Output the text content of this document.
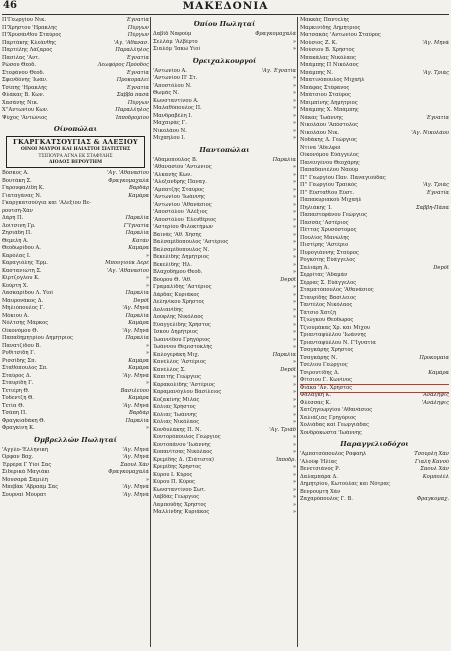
46	ΜΑΚΕΔΟΝΙΑ
Π'Γεωργίου Νικ.	Έγνατία
Π'Χρήστου 'Ηρακλής	Πύργων
Π'Χρυσάνθου Σταύρος	Πύργων
Παρτάκης Κλεάνθης	'Αγ. 'Αθανασ.
Παρτέλης Λάζαρος	Παραλληλος
Πασίλας 'Αντ.	Έγνατία
Ρώσου Θεοδ.	Λεωφόρος Πρόοδος
Στεφάνου Θεοδ.	Έγνατία
Σφενδόνης Ίωάν.	Προκομαλεί
Τσίπης 'Ηρακλής	Έγνατία
Φλάκας Β. Κων.	Σαββά πασά
Χασάνης Νικ.	Πύργων
Χ''Αντωνίου Κων.	Παραλληλος
Ψύχος 'Αντώνιος	Ίπποδρομίου
Οίνοπώλαι
ΓΚΑΡΓΚΑΤΣΟΥΓΙΑΣ & ΑΛΕΞΙΟΥ
ΟΙΝΟΙ ΜΑΥΡΟΙ ΚΑΙ ΗΛΙΑΣΤΟΙ ΣΙΑΤΙΣΤΗΣ
ΤΣΙΠΟΥΡΑ ΑΓΝΑ ΕΚ ΣΤΑΦΥΛΗΣ
ΔΙΟΔΟΣ ΒΕΡΟΥΤΗΜ
Βόσκος Α.	'Αγ. 'Αθανασίου
Βουτάκη Σ.	Φραγκομαχαλά
Γαρουφαλίδη Κ.	Βαρδάρ
Γιαταγάνας Ν.	Καμάρα
Γκαργκατσούγια και 'Αλεξίου Βε-
ρουτσή-Χάν
Δάρη Π.	Παραλία
Δοΐτσινη Γρ.	Γ'Ιγνατία
Ζησιάδη Π.	Παραλία
Θεμελή Α.	Κατάν
Θεοδωρίδου Α.	Καμάρα
Καρόλας Ι.	»
Καραγιόλης Έρμ.	Μπουγιούκ Δερέ
Καστανιώτη Σ.	'Αγ. 'Αθανασίου
Κίρτζογλου Κ.	»
Κούρτη Χ.	»
Λασκαρίδου Λ. Υίοί	Παραλία
Μαυρονάκος Δ.	Depôt
Μηλιόπουλος Γ.	'Αγ. Μηνά
Μόκιου Α.	Παραλία
Νόλτσης Μάρκος	Καμάρα
Οίκονόμου Θ.	'Αγ. Μηνά
Παπαδημητρίου Δημήτριος	Παραλία
Πανατζίδου Β.	»
Ρυθιτσίδη Γ.	»
Ρισσίδης Σπ.	Καμάρα
Σταθόπουλος Σπ.	Καμάρα
Σταύρος Δ.	'Αγ. Μηνά
Σταυρίδη Γ.	»
Τετιέρη Θ.	Βασιλεύου
Τοδεντζή Θ.	Καμάρα
Τετία Θ.	'Αγ. Μηνά
Τσάπη Π.	Βαρδάρ
Φραγκιαδάκη Θ.	Παραλία
Φραγκίνη Κ.	»
Όμβρελλών Πωληταί
'Αγγλο-'Ελληνική	'Αγ. Μηνά
Όρφαν Βαχ.	'Αγ. Μηνά
Έρρέρα Γ Υίοί Σας	Σαουλ Χάν
Σιδερικά Μαγιάκι	Φραγκομαχαλά
Μουσαρά Σαμιλή	»
Μπεβάκ 'Αβραάμ Σας	'Αγ. Μηνά
Σουρναί Μουρατ	'Αγ. Μηνά
Όπίου Πωληταί
Δαβίδ Ναφούμ	Φραγκομαχαλά
Σελλάμ 'Αλβέρτο	»
Σιαλόμ 'Ιακώ Υίοί	»
Όρειχαλκουργοί
'Αντωνίου Α.	'Αγ. Έγνατία
'Αντωνίου Π' Στ.	»
'Αποστόλου Ν.	»
Θωμάς Ν.	»
Κωνσταντίνου Α.	»
Μαλαθόπουλος Π.	»
Μανδραβέλη Ι.	»
Μαχαιράς Γ.	»
Νικολάου Ν.	»
Μιχαηλου Ι.	»
Παντοπώλαι
'Αδαμοπούλος Β.	Παραλία
'Αθανασίου 'Αντώνιος	»
'Αλκανής Κων.	»
'Αλεξανδρής Παναγ.	»
'Αμπατζής Σταύρος	»
'Αντωνίου 'Ιωάννης	»
'Αντωνίου 'Αθανάσιος	»
'Αποστόλου 'Αλέξιος	»
'Αποστόλου Έλευθέριος	»
'Αστερίου Φιλοκτήμων	»
Βαϊνάς 'Αθ. Χήσης	»
Βαλσαμίδοπουλος 'Αστέριος	»
Βαλσαμίδοπουλος Ν.	»
Βεκελίδης Δημήτριος	»
Βεκελίδης Ήλ.	»
Βλαχοδήμου Θεοδ.	»
Βούρου Θ. 'Αθ.	Depôt
Γραμαλίδης 'Αστέριος	»
Δάρδας Κυριάκος	»
Δεληνίκου Χρήστος	»
Δολιανίδης	»
Δούφλης Νικόλαος	»
Εύαγγελίδης Χρήστος	»
Ίσκου Δημήτριος	»
Ίωαννίδου Γρηγόριος	»
Ίωάννου Θεμιστοκλής	»
Καλογεράκη Μιχ.	Παραλία
Κανέλλος 'Αστέριος	»
Κανέλλος Σ.	Depôt
Καπιτής Γεώργιος	»
Καρακολίδης 'Αστέριος	»
Καραμανόγλου Βασίλειος	»
Κοζακίνης Μίλας	»
Κόλιας Χρήστος	»
Κόλιας 'Ιωάννης	»
Κόλιας Νικόλαος	»
Κονδυλάκης Π. Ν.	'Αγ. Τριάδ
Κοντορόπουλος Γεώργιος	»
Κοντοπάνου 'Ιωάννης	»
Κοπανίτσας Νικόλαος	»
Κρεμίδης Δ. (Σιάτιστα)	Ίπποδρ.
Κρεμίδης Χρήστος	»
Κύρου Ι. Κύρος	»
Κύρου Π. Κύρος	»
Κωνσταντίνου Σωτ.	»
Λαβδάς Γεώργιος	»
Λαμπούδης Χρήστος	»
Μαλλίνδης Κυριάκος	»
Μακκάς Παντελής
Μαρκινίδης Δημήτριος
Ματσακάς 'Αντωνίου Σταύρος
Μούσιος Ζ. Κ.	'Αγ. Μηνά
Μούσιου Β. Χρήστος
Μπακάλας Νικόλαος
Μπάμπης Π Νικόλαος
Μπάμπης Ν.	'Αγ. Τριάς
Μπατινόπουλος Μιχαήλ
Μπάφας Στέφανος
Μπάτσιου Σταύρος
Μπιμπίνης Δημήτριος
Μπάμπης Χ. Μπάμπης
Νάκας 'Ιωάννης	Έγνατία
Νικολάου 'Απόστολος
Νικολάου Νικ.	'Αγ. Νικολάου
Νοδάκης Δ. Γεώργιος
Ντίνα 'Αδελφοί
Οίκονόμου Εύάγγελος
Πανευγένου Θεοχάρης
Παπαδανιέλου Ναούμ
Π'' Γεωργίου Παν. Παναγιούδας
Π'' Γεωργίου Τραϊκός	'Αγ. Τριάς
Π'' Εύσταθίου Εύστ.	Έγνατία
Παπακυριακού Μιχαήλ
Πηλιάκης Ί.	Σαββή-Πάπα
Παπαστεφάνου Γεώργιος
Πασσάς 'Αστέριος
Πέττας Χρυσόστομος
Πουλίος Μανώλης
Πιστίρης 'Αστέριο
Πυρογιάννης Σταύρος
Ρογκότης Εύάγγελος
Σαλιάρη Ά.	Depôt
Σερρίτας 'Αδαμάν
Σέρρας Σ. Εύάγγελος
Σταματόπουλος 'Αθανάσιος
Σταυρίδης Βασίλειος
Ταντέλος Νικόλαος
Τάτσιο Χατζή
Τζιώγκου Θεόδωρος
Τζιουμάκας Χρ. και Μίχου
Τριανταφύλλου 'Ιωάννης
Τριανταφύλλου Ν. Γ'Ιγνατία
Τσαγκάρης Χρήστος
Τσαγκάρης Ν.	Προκομαία
Τσέλιου Γεώργιος
Τσιρουτίδης Δ.	Καμάρα
Φίτσιου Γ. Κωνίνος
Φιάκα 'Αν. Χρήστος
Φαλάγκη Κ.	'Ανάληψις
Φλέσσας Κ.	'Ανάληψις
Χατζηγεωργίου 'Αθανάσιος
Χαλιάζιας Γρηγόριος
Χολιάδας καί Γεωργιάδας
Χονδρόκωστα 'Ιωάννης
Παραγγελιοδόχοι
'Αμπατσόπουλος Ραφαήλ	Τσουρλή Χάν
'Αλούφ Ήλίας	Γιαλή Κανού
Βενετσιάνος Ρ.	Σαουλ Χάν
Δαλαμπάρα Δ.	Κομπολέλ
Δημητρίου, Κωτούλας και Νότρας
Βενρουμτή Χάν
Ζαχαρόπουλος Γ. Β.	Φραγκομαχ.
